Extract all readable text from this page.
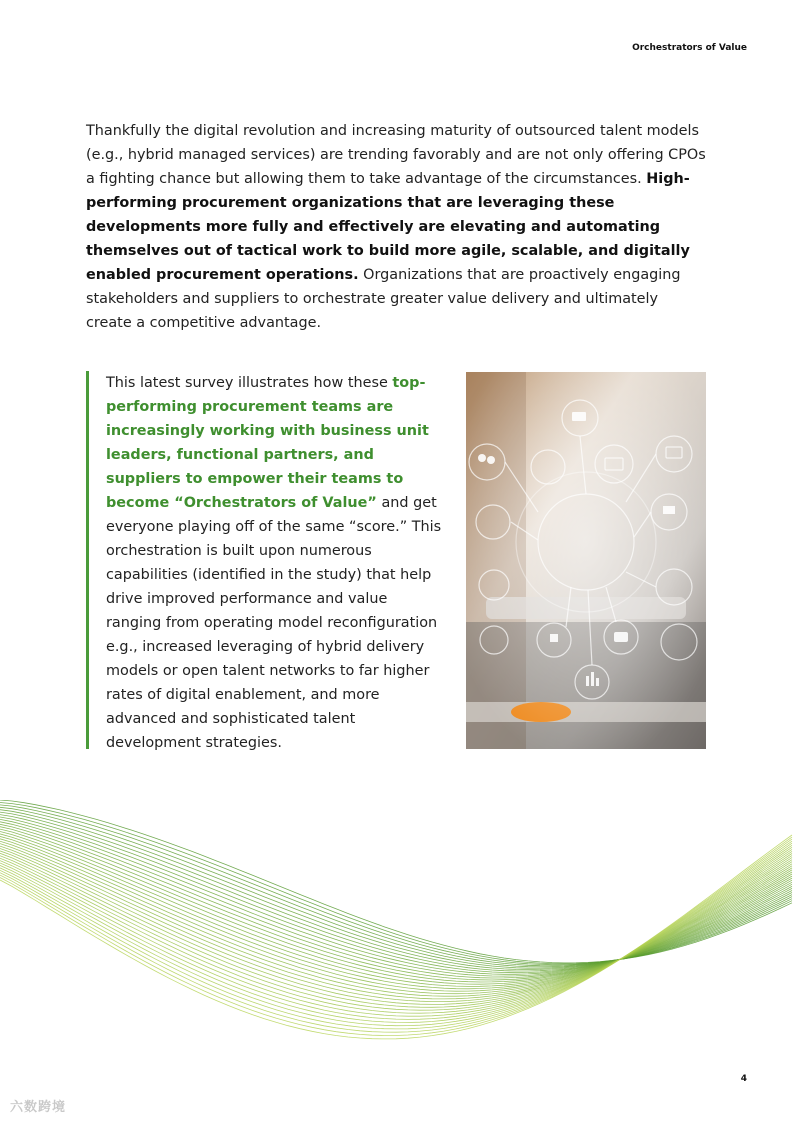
Orchestrators of Value
Thankfully the digital revolution and increasing maturity of outsourced talent models (e.g., hybrid managed services) are trending favorably and are not only offering CPOs a fighting chance but allowing them to take advantage of the circumstances. High-performing procurement organizations that are leveraging these developments more fully and effectively are elevating and automating themselves out of tactical work to build more agile, scalable, and digitally enabled procurement operations. Organizations that are proactively engaging stakeholders and suppliers to orchestrate greater value delivery and ultimately create a competitive advantage.
This latest survey illustrates how these top-performing procurement teams are increasingly working with business unit leaders, functional partners, and suppliers to empower their teams to become “Orchestrators of Value” and get everyone playing off of the same “score.” This orchestration is built upon numerous capabilities (identified in the study) that help drive improved performance and value ranging from operating model reconfiguration e.g., increased leveraging of hybrid delivery models or open talent networks to far higher rates of digital enablement, and more advanced and sophisticated talent development strategies.
4
六数跨境
